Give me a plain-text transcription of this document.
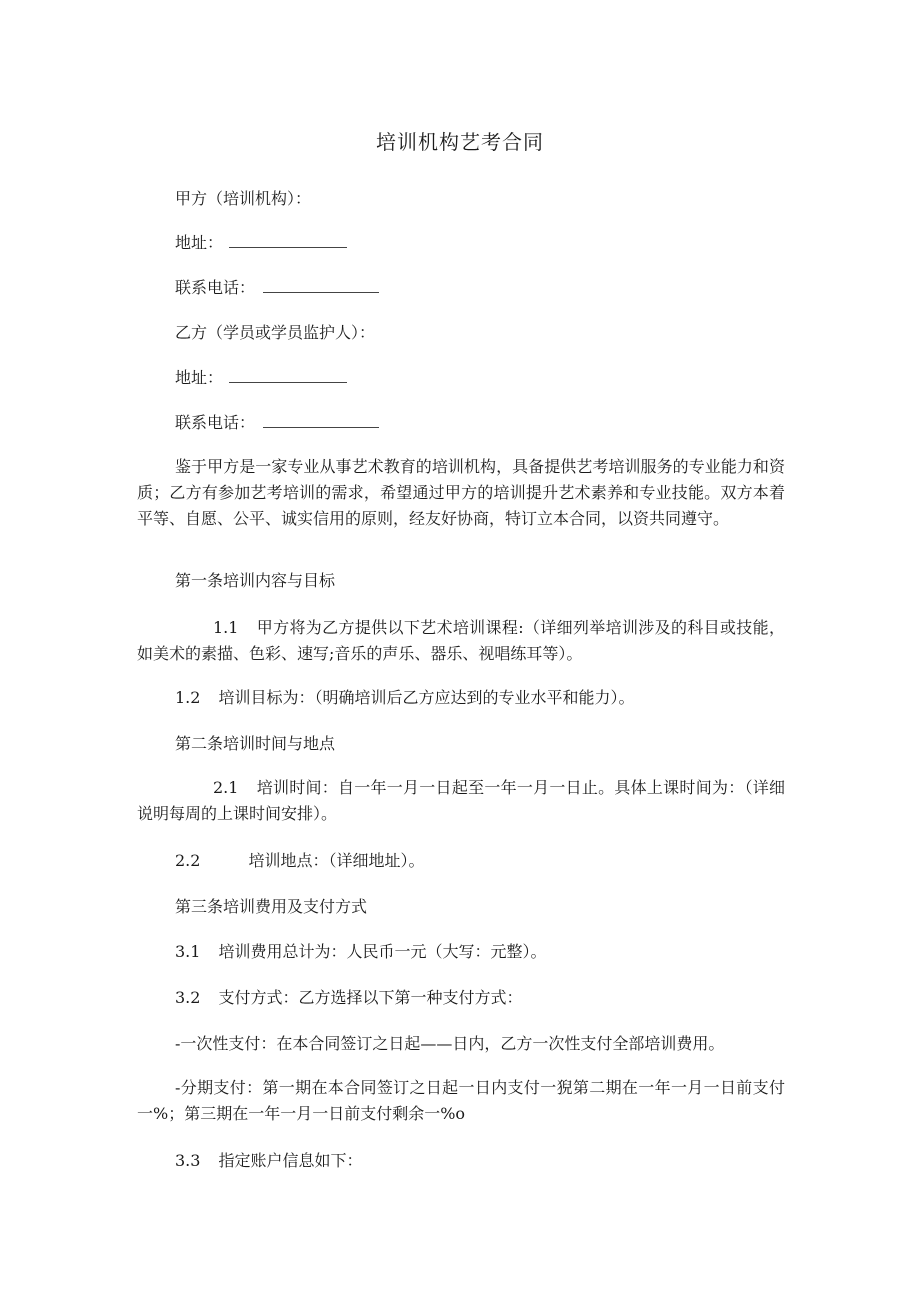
培训机构艺考合同
甲方（培训机构）：
地址：
联系电话：
乙方（学员或学员监护人）：
地址：
联系电话：
鉴于甲方是一家专业从事艺术教育的培训机构，具备提供艺考培训服务的专业能力和资质；乙方有参加艺考培训的需求，希望通过甲方的培训提升艺术素养和专业技能。双方本着平等、自愿、公平、诚实信用的原则，经友好协商，特订立本合同，以资共同遵守。
第一条培训内容与目标
1.1 甲方将为乙方提供以下艺术培训课程:（详细列举培训涉及的科目或技能，如美术的素描、色彩、速写;音乐的声乐、器乐、视唱练耳等）。
1.2 培训目标为：（明确培训后乙方应达到的专业水平和能力）。
第二条培训时间与地点
2.1 培训时间：自一年一月一日起至一年一月一日止。具体上课时间为：（详细说明每周的上课时间安排）。
2.2	培训地点：（详细地址）。
第三条培训费用及支付方式
3.1 培训费用总计为：人民币一元（大写：元整）。
3.2 支付方式：乙方选择以下第一种支付方式：
-一次性支付：在本合同签订之日起——日内，乙方一次性支付全部培训费用。
-分期支付：第一期在本合同签订之日起一日内支付一猊第二期在一年一月一日前支付一%；第三期在一年一月一日前支付剩余一%o
3.3 指定账户信息如下：
